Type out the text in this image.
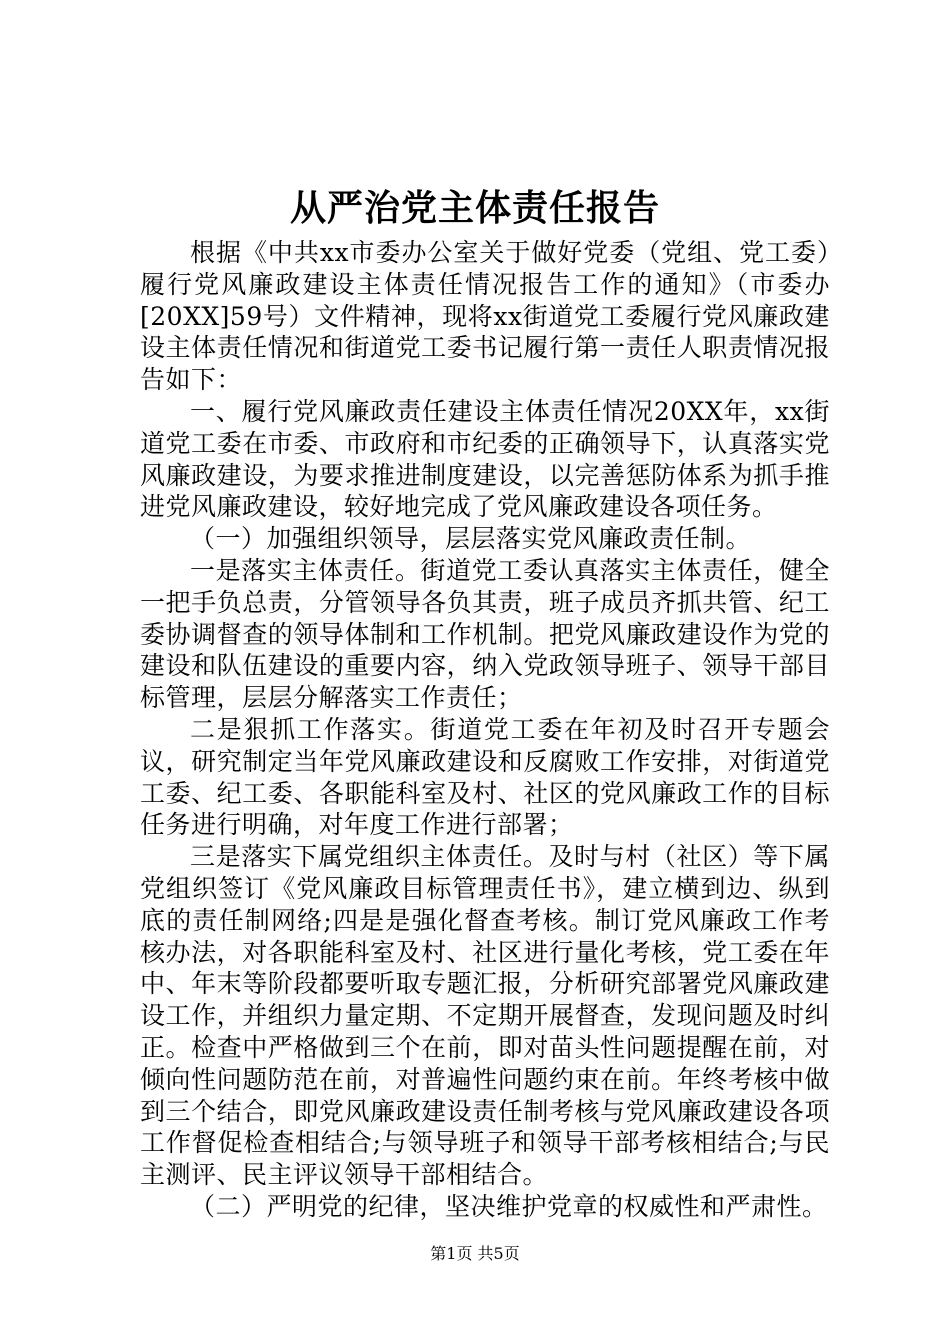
从严治党主体责任报告

根据《中共xx市委办公室关于做好党委（党组、党工委）履行党风廉政建设主体责任情况报告工作的通知》（市委办[20XX]59号）文件精神，现将xx街道党工委履行党风廉政建设主体责任情况和街道党工委书记履行第一责任人职责情况报告如下：

一、履行党风廉政责任建设主体责任情况20XX年，xx街道党工委在市委、市政府和市纪委的正确领导下，认真落实党风廉政建设，为要求推进制度建设，以完善惩防体系为抓手推进党风廉政建设，较好地完成了党风廉政建设各项任务。

（一）加强组织领导，层层落实党风廉政责任制。

一是落实主体责任。街道党工委认真落实主体责任，健全一把手负总责，分管领导各负其责，班子成员齐抓共管、纪工委协调督查的领导体制和工作机制。把党风廉政建设作为党的建设和队伍建设的重要内容，纳入党政领导班子、领导干部目标管理，层层分解落实工作责任；

二是狠抓工作落实。街道党工委在年初及时召开专题会议，研究制定当年党风廉政建设和反腐败工作安排，对街道党工委、纪工委、各职能科室及村、社区的党风廉政工作的目标任务进行明确，对年度工作进行部署；

三是落实下属党组织主体责任。及时与村（社区）等下属党组织签订《党风廉政目标管理责任书》，建立横到边、纵到底的责任制网络;四是是强化督查考核。制订党风廉政工作考核办法，对各职能科室及村、社区进行量化考核，党工委在年中、年末等阶段都要听取专题汇报，分析研究部署党风廉政建设工作，并组织力量定期、不定期开展督查，发现问题及时纠正。检查中严格做到三个在前，即对苗头性问题提醒在前，对倾向性问题防范在前，对普遍性问题约束在前。年终考核中做到三个结合，即党风廉政建设责任制考核与党风廉政建设各项工作督促检查相结合;与领导班子和领导干部考核相结合;与民主测评、民主评议领导干部相结合。

（二）严明党的纪律，坚决维护党章的权威性和严肃性。

第1页 共5页
